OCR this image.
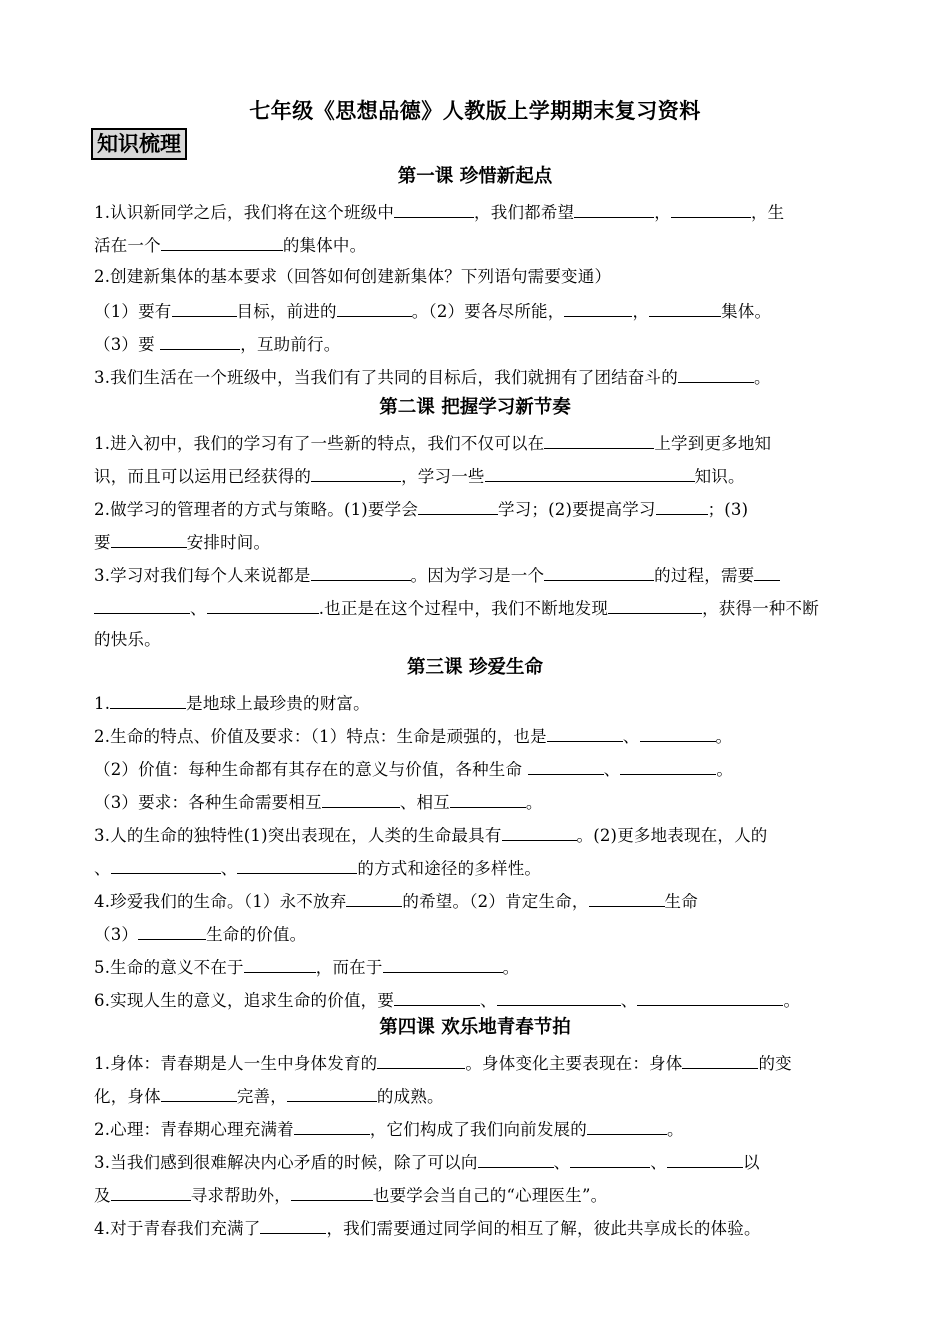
七年级《思想品德》人教版上学期期末复习资料
知识梳理
第一课 珍惜新起点
1.认识新同学之后，我们将在这个班级中	，我们都希望	，	，生
活在一个	的集体中。
2.创建新集体的基本要求（回答如何创建新集体？下列语句需要变通）
（1）要有	目标，前进的	。（2）要各尽所能，	，	集体。
（3）要	，互助前行。
3.我们生活在一个班级中，当我们有了共同的目标后，我们就拥有了团结奋斗的	。
第二课 把握学习新节奏
1.进入初中，我们的学习有了一些新的特点，我们不仅可以在	上学到更多地知
识，而且可以运用已经获得的	，学习一些	知识。
2.做学习的管理者的方式与策略。(1)要学会	学习；(2)要提高学习	；(3)
要	安排时间。
3.学习对我们每个人来说都是	。因为学习是一个	的过程，需要
、	.也正是在这个过程中，我们不断地发现	，获得一种不断
的快乐。
第三课 珍爱生命
1.	是地球上最珍贵的财富。
2.生命的特点、价值及要求：（1）特点：生命是顽强的，也是	、	。
（2）价值：每种生命都有其存在的意义与价值，各种生命	、	。
（3）要求：各种生命需要相互	、相互	。
3.人的生命的独特性(1)突出表现在，人类的生命最具有	。(2)更多地表现在，人的
、	、	的方式和途径的多样性。
4.珍爱我们的生命。（1）永不放弃	的希望。（2）肯定生命，	生命
（3）	生命的价值。
5.生命的意义不在于	，而在于	。
6.实现人生的意义，追求生命的价值，要	、	、	。
第四课 欢乐地青春节拍
1.身体：青春期是人一生中身体发育的	。身体变化主要表现在：身体	的变
化，身体	完善，	的成熟。
2.心理：青春期心理充满着	，它们构成了我们向前发展的	。
3.当我们感到很难解决内心矛盾的时候，除了可以向	、	、	以
及	寻求帮助外，	也要学会当自己的“心理医生”。
4.对于青春我们充满了	，我们需要通过同学间的相互了解，彼此共享成长的体验。
